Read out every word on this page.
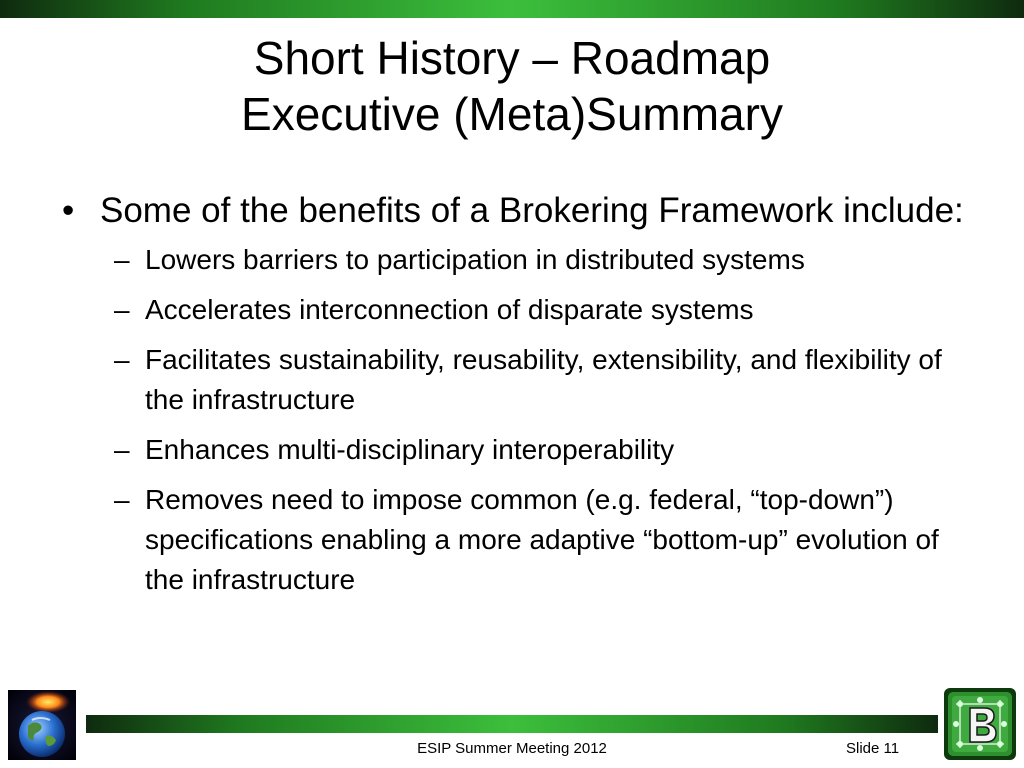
Short History – Roadmap
Executive (Meta)Summary
• Some of the benefits of a Brokering Framework include:
– Lowers barriers to participation in distributed systems
– Accelerates interconnection of disparate systems
– Facilitates sustainability, reusability, extensibility, and flexibility of the infrastructure
– Enhances multi-disciplinary interoperability
– Removes need to impose common (e.g. federal, “top-down”) specifications enabling a more adaptive “bottom-up” evolution of the infrastructure
ESIP Summer Meeting 2012	Slide 11
